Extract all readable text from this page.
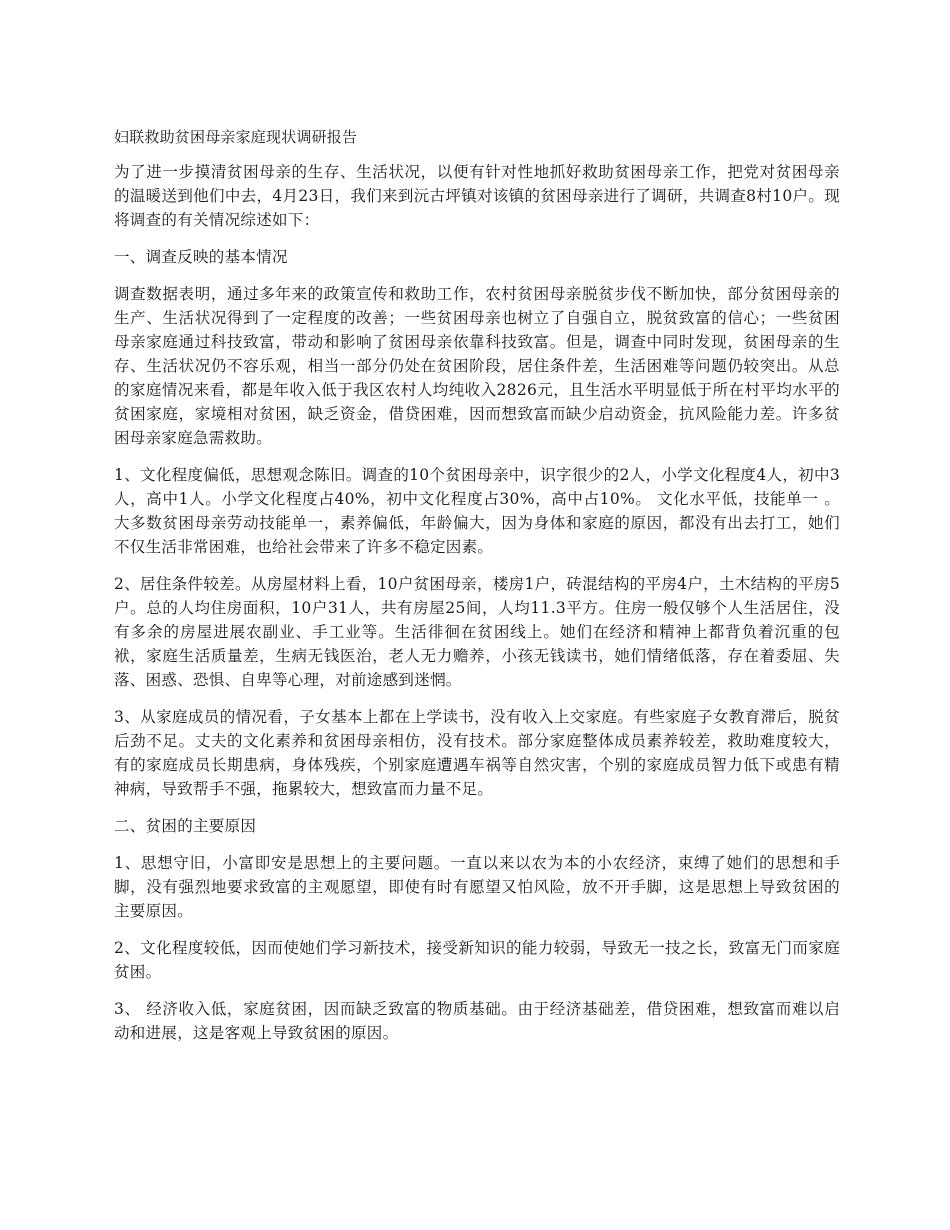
妇联救助贫困母亲家庭现状调研报告

为了进一步摸清贫困母亲的生存、生活状况，以便有针对性地抓好救助贫困母亲工作，把党对贫困母亲的温暖送到他们中去，4月23日，我们来到沅古坪镇对该镇的贫困母亲进行了调研，共调查8村10户。现将调查的有关情况综述如下：

一、调查反映的基本情况

调查数据表明，通过多年来的政策宣传和救助工作，农村贫困母亲脱贫步伐不断加快，部分贫困母亲的生产、生活状况得到了一定程度的改善；一些贫困母亲也树立了自强自立，脱贫致富的信心；一些贫困母亲家庭通过科技致富，带动和影响了贫困母亲依靠科技致富。但是，调查中同时发现，贫困母亲的生存、生活状况仍不容乐观，相当一部分仍处在贫困阶段，居住条件差，生活困难等问题仍较突出。从总的家庭情况来看，都是年收入低于我区农村人均纯收入2826元，且生活水平明显低于所在村平均水平的贫困家庭，家境相对贫困，缺乏资金，借贷困难，因而想致富而缺少启动资金，抗风险能力差。许多贫困母亲家庭急需救助。

1、文化程度偏低，思想观念陈旧。调查的10个贫困母亲中，识字很少的2人，小学文化程度4人，初中3人，高中1人。小学文化程度占40%，初中文化程度占30%，高中占10%。 文化水平低，技能单一 。大多数贫困母亲劳动技能单一，素养偏低，年龄偏大，因为身体和家庭的原因，都没有出去打工，她们不仅生活非常困难，也给社会带来了许多不稳定因素。

2、居住条件较差。从房屋材料上看，10户贫困母亲，楼房1户，砖混结构的平房4户，土木结构的平房5户。总的人均住房面积，10户31人，共有房屋25间，人均11.3平方。住房一般仅够个人生活居住，没有多余的房屋进展农副业、手工业等。生活徘徊在贫困线上。她们在经济和精神上都背负着沉重的包袱，家庭生活质量差，生病无钱医治，老人无力赡养，小孩无钱读书，她们情绪低落，存在着委屈、失落、困惑、恐惧、自卑等心理，对前途感到迷惘。

3、从家庭成员的情况看，子女基本上都在上学读书，没有收入上交家庭。有些家庭子女教育滞后，脱贫后劲不足。丈夫的文化素养和贫困母亲相仿，没有技术。部分家庭整体成员素养较差，救助难度较大，有的家庭成员长期患病，身体残疾，个别家庭遭遇车祸等自然灾害，个别的家庭成员智力低下或患有精神病，导致帮手不强，拖累较大，想致富而力量不足。

二、贫困的主要原因

1、思想守旧，小富即安是思想上的主要问题。一直以来以农为本的小农经济，束缚了她们的思想和手脚，没有强烈地要求致富的主观愿望，即使有时有愿望又怕风险，放不开手脚，这是思想上导致贫困的主要原因。

2、文化程度较低，因而使她们学习新技术，接受新知识的能力较弱，导致无一技之长，致富无门而家庭贫困。

3、 经济收入低，家庭贫困，因而缺乏致富的物质基础。由于经济基础差，借贷困难，想致富而难以启动和进展，这是客观上导致贫困的原因。
